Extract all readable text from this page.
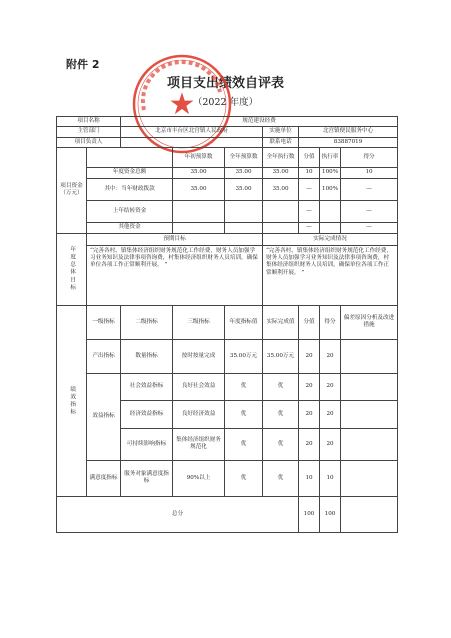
附件 2
项目支出绩效自评表
（2022 年度）
★
项目名称		规范建设经费						
主管部门		北京市丰台区北宫镇人民政府			实施单位	北宫镇便民服务中心		
项目负责人					联系电话	83887019		
项目资金
（万元）			年初预算数	全年预算数	全年执行数	分值	执行率	得分
	年度资金总额		35.00	35.00	35.00	10	100%	10
	其中：当年财政拨款		35.00	35.00	35.00	—	100%	—
	上年结转资金					—		—
	其他资金					—		—
年度总体目标	预期目标				实际完成情况			
	“完善各村、镇集体经济组织财务规范化工作经费，财务人员加强学习业务知识及法律事项咨询费，村集体经济组织财务人员培训，确保单位各项工作正常顺利开展。 ”				“完善各村、镇集体经济组织财务规范化工作经费，财务人员加强学习业务知识及法律事项咨询费，村集体经济组织财务人员培训，确保单位各项工作正常顺利开展。 ”			
绩效指标	一级指标	二级指标	三级指标	年度指标值	实际完成值	分值	得分	偏差原因分析及改进措施
	产出指标	数量指标	按时按量完成	35.00万元	35.00万元	20	20	
	效益指标	社会效益指标	良好社会效益	优	优	20	20	
		经济效益指标	良好经济效益	优	优	20	20	
		可持续影响指标	集体经济组织财务规范化	优	优	20	20	
	满意度指标	服务对象满意度指标	90%以上	优	优	10	10	
总分						100	100	
